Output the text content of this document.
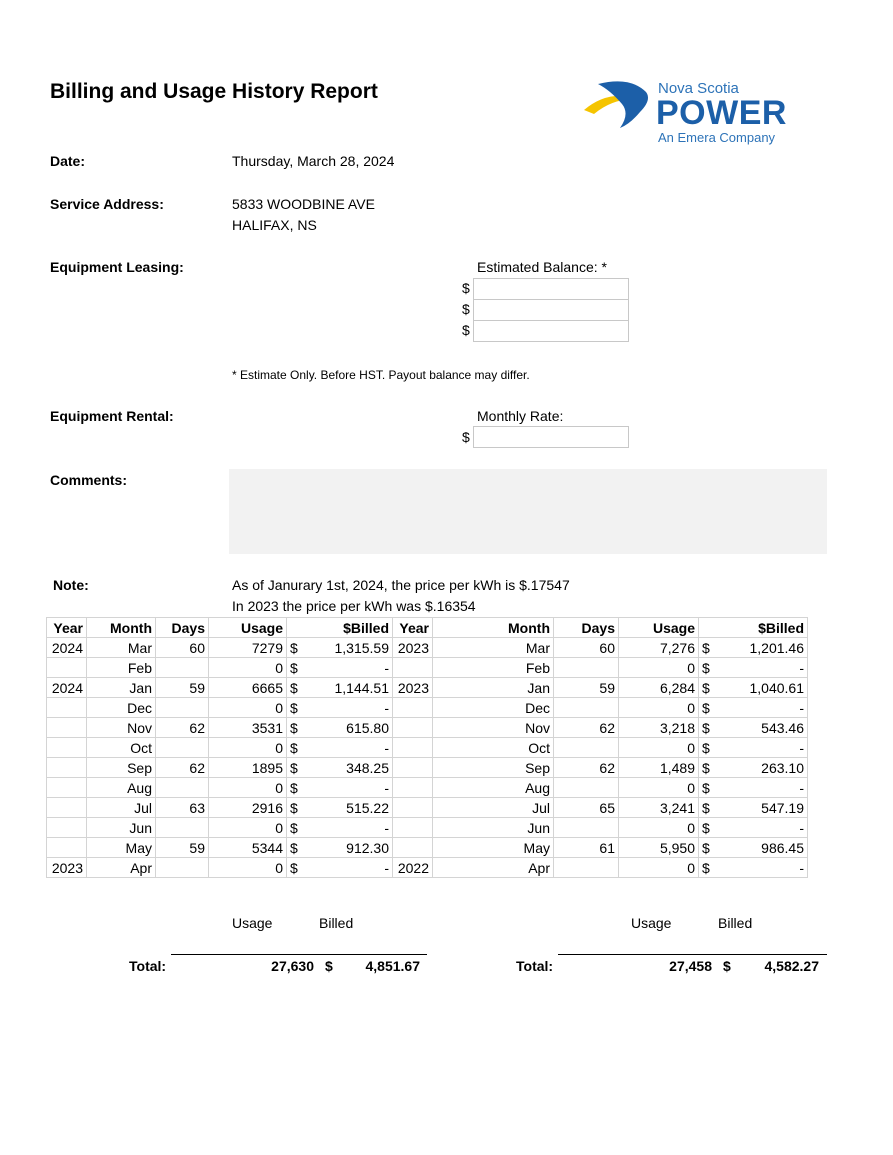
Billing and Usage History Report	Nova Scotia
POWER
An Emera Company
Date:	Thursday, March 28, 2024
Service Address:	5833 WOODBINE AVE
HALIFAX, NS
Equipment Leasing:	Estimated Balance: *
$
$
$
* Estimate Only. Before HST. Payout balance may differ.
Equipment Rental:	Monthly Rate:
$
Comments:
Note:	As of Janurary 1st, 2024, the price per kWh is $.17547
In 2023 the price per kWh was $.16354
Year	Month	Days	Usage	$Billed		Year	Month	Days	Usage	$Billed	
2024	Mar	60	7279	$	1,315.59	2023	Mar	60	7,276	$	1,201.46
	Feb		0	$	-		Feb		0	$	-
2024	Jan	59	6665	$	1,144.51	2023	Jan	59	6,284	$	1,040.61
	Dec		0	$	-		Dec		0	$	-
	Nov	62	3531	$	615.80		Nov	62	3,218	$	543.46
	Oct		0	$	-		Oct		0	$	-
	Sep	62	1895	$	348.25		Sep	62	1,489	$	263.10
	Aug		0	$	-		Aug		0	$	-
	Jul	63	2916	$	515.22		Jul	65	3,241	$	547.19
	Jun		0	$	-		Jun		0	$	-
	May	59	5344	$	912.30		May	61	5,950	$	986.45
2023	Apr		0	$	-	2022	Apr		0	$	-
Usage	Billed	Usage	Billed
Total:	27,630 $	4,851.67	Total:	27,458 $	4,582.27
